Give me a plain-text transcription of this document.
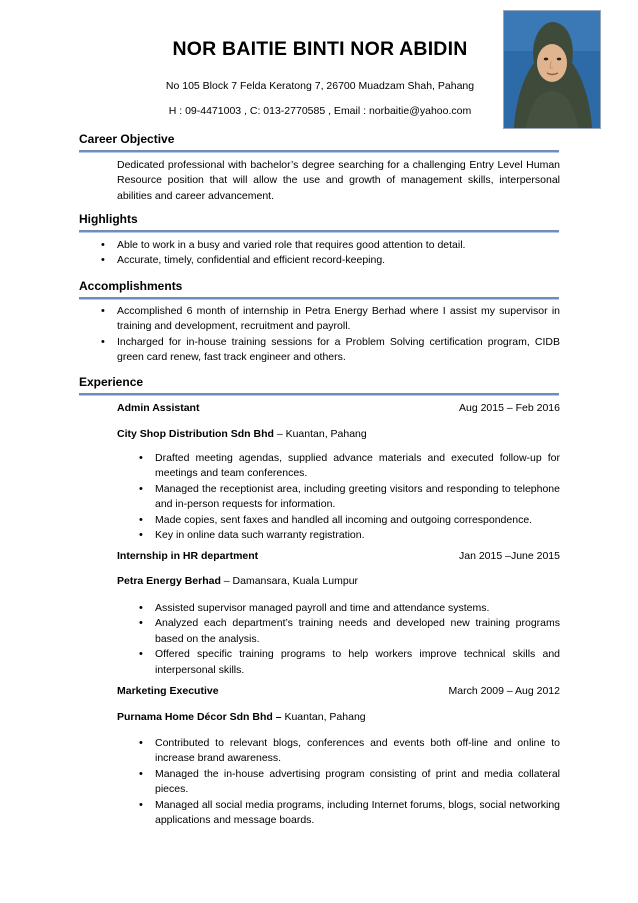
NOR BAITIE BINTI NOR ABIDIN
No 105 Block 7 Felda Keratong 7, 26700 Muadzam Shah, Pahang
H : 09-4471003 , C: 013-2770585 , Email : norbaitie@yahoo.com
Career Objective
Dedicated professional with bachelor’s degree searching for a challenging Entry Level Human Resource position that will allow the use and growth of management skills, interpersonal abilities and career advancement.
Highlights
• Able to work in a busy and varied role that requires good attention to detail.
• Accurate, timely, confidential and efficient record-keeping.
Accomplishments
• Accomplished 6 month of internship in Petra Energy Berhad where I assist my supervisor in training and development, recruitment and payroll.
• Incharged for in-house training sessions for a Problem Solving certification program, CIDB green card renew, fast track engineer and others.
Experience
Admin Assistant	Aug 2015 – Feb 2016
City Shop Distribution Sdn Bhd – Kuantan, Pahang
• Drafted meeting agendas, supplied advance materials and executed follow-up for meetings and team conferences.
• Managed the receptionist area, including greeting visitors and responding to telephone and in-person requests for information.
• Made copies, sent faxes and handled all incoming and outgoing correspondence.
• Key in online data such warranty registration.
Internship in HR department	Jan 2015 –June 2015
Petra Energy Berhad – Damansara, Kuala Lumpur
• Assisted supervisor managed payroll and time and attendance systems.
• Analyzed each department’s training needs and developed new training programs based on the analysis.
• Offered specific training programs to help workers improve technical skills and interpersonal skills.
Marketing Executive	March 2009 – Aug 2012
Purnama Home Décor Sdn Bhd – Kuantan, Pahang
• Contributed to relevant blogs, conferences and events both off-line and online to increase brand awareness.
• Managed the in-house advertising program consisting of print and media collateral pieces.
• Managed all social media programs, including Internet forums, blogs, social networking applications and message boards.
